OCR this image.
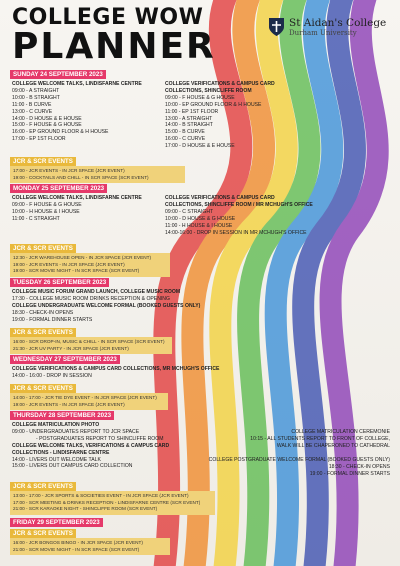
COLLEGE WOW
PLANNER
St Aidan's College
Durham University
SUNDAY 24 SEPTEMBER 2023
COLLEGE WELCOME TALKS, LINDISFARNE CENTRE
09:00 - A STRAIGHT
10:00 - B STRAIGHT
11:00 - B CURVE
13:00 - C CURVE
14:00 - D HOUSE & E HOUSE
15:00 - F HOUSE & G HOUSE
16:00 - EP GROUND FLOOR & H HOUSE
17:00 - EP 1ST FLOOR
COLLEGE VERIFICATIONS & CAMPUS CARD
COLLECTIONS, SHINCLIFFE ROOM
09:00 - F HOUSE & G HOUSE
10:00 - EP GROUND FLOOR & H HOUSE
11:00 - EP 1ST FLOOR
13:00 - A STRAIGHT
14:00 - B STRAIGHT
15:00 - B CURVE
16:00 - C CURVE
17:00 - D HOUSE & E HOUSE
JCR & SCR EVENTS
17:00 - JCR EVENTS - IN JCR SPACE (JCR EVENT)
19:00 - COCKTAILS AND CHILL - IN SCR SPACE (SCR EVENT)
MONDAY 25 SEPTEMBER 2023
COLLEGE WELCOME TALKS, LINDISFARNE CENTRE
09:00 - F HOUSE & G HOUSE
10:00 - H HOUSE & I HOUSE
11:00 - C STRAIGHT
COLLEGE VERIFICATIONS & CAMPUS CARD
COLLECTIONS, SHINCLIFFE ROOM / MR MCHUGH'S OFFICE
09:00 - C STRAIGHT
10:00 - D HOUSE & G HOUSE
11:00 - H HOUSE & I HOUSE
14:00-16:00 - DROP IN SESSION IN MR MCHUGH'S OFFICE
JCR & SCR EVENTS
12:30 - JCR WAREHOUSE OPEN - IN JCR SPACE (JCR EVENT)
19:00 - JCR EVENTS - IN JCR SPACE (JCR EVENT)
19:00 - SCR MOVIE NIGHT - IN SCR SPACE (SCR EVENT)
TUESDAY 26 SEPTEMBER 2023
COLLEGE MUSIC FORUM GRAND LAUNCH, COLLEGE MUSIC ROOM
17:30 - COLLEGE MUSIC ROOM DRINKS RECEPTION & OPENING
COLLEGE UNDERGRADUATE WELCOME FORMAL (BOOKED GUESTS ONLY)
18:30 - CHECK-IN OPENS
19:00 - FORMAL DINNER STARTS
JCR & SCR EVENTS
16:00 - SCR DROP-IN, MUSIC & CHILL - IN SCR SPACE (SCR EVENT)
21:30 - JCR UV PARTY - IN JCR SPACE (JCR EVENT)
WEDNESDAY 27 SEPTEMBER 2023
COLLEGE VERIFICATIONS & CAMPUS CARD COLLECTIONS, MR MCHUGH'S OFFICE
14:00 - 16:00 - DROP IN SESSION
JCR & SCR EVENTS
14:00 - 17:00 - JCR TIE DYE EVENT - IN JCR SPACE (JCR EVENT)
19:00 - JCR EVENTS - IN JCR SPACE (JCR EVENT)
THURSDAY 28 SEPTEMBER 2023
COLLEGE MATRICULATION PHOTO
09:00 - UNDERGRADUATES REPORT TO JCR SPACE
- POSTGRADUATES REPORT TO SHINCLIFFE ROOM
COLLEGE WELCOME TALKS, VERIFICATIONS & CAMPUS CARD
COLLECTIONS - LINDISFARNE CENTRE
14:00 - LIVERS OUT WELCOME TALK
15:00 - LIVERS OUT CAMPUS CARD COLLECTION
COLLEGE MATRICULATION CEREMONIE
10:15 - ALL STUDENTS REPORT TO FRONT OF COLLEGE,
WALK WILL BE CHAPERONED TO CATHEDRAL
COLLEGE POSTGRADUATE WELCOME FORMAL (BOOKED GUESTS ONLY)
18:30 - CHECK-IN OPENS
19:00 - FORMAL DINNER STARTS
JCR & SCR EVENTS
13:00 - 17:00 - JCR SPORTS & SOCIETIES EVENT - IN JCR SPACE (JCR EVENT)
17:00 - SCR MEETING & DRINKS RECEPTION - LINDISFARNE CENTRE (SCR EVENT)
21:00 - SCR KARAOKE NIGHT - SHINCLIFFE ROOM (SCR EVENT)
FRIDAY 29 SEPTEMBER 2023
JCR & SCR EVENTS
16:00 - JCR BONGOS BINGO - IN JCR SPACE (JCR EVENT)
21:00 - SCR MOVIE NIGHT - IN SCR SPACE (SCR EVENT)
